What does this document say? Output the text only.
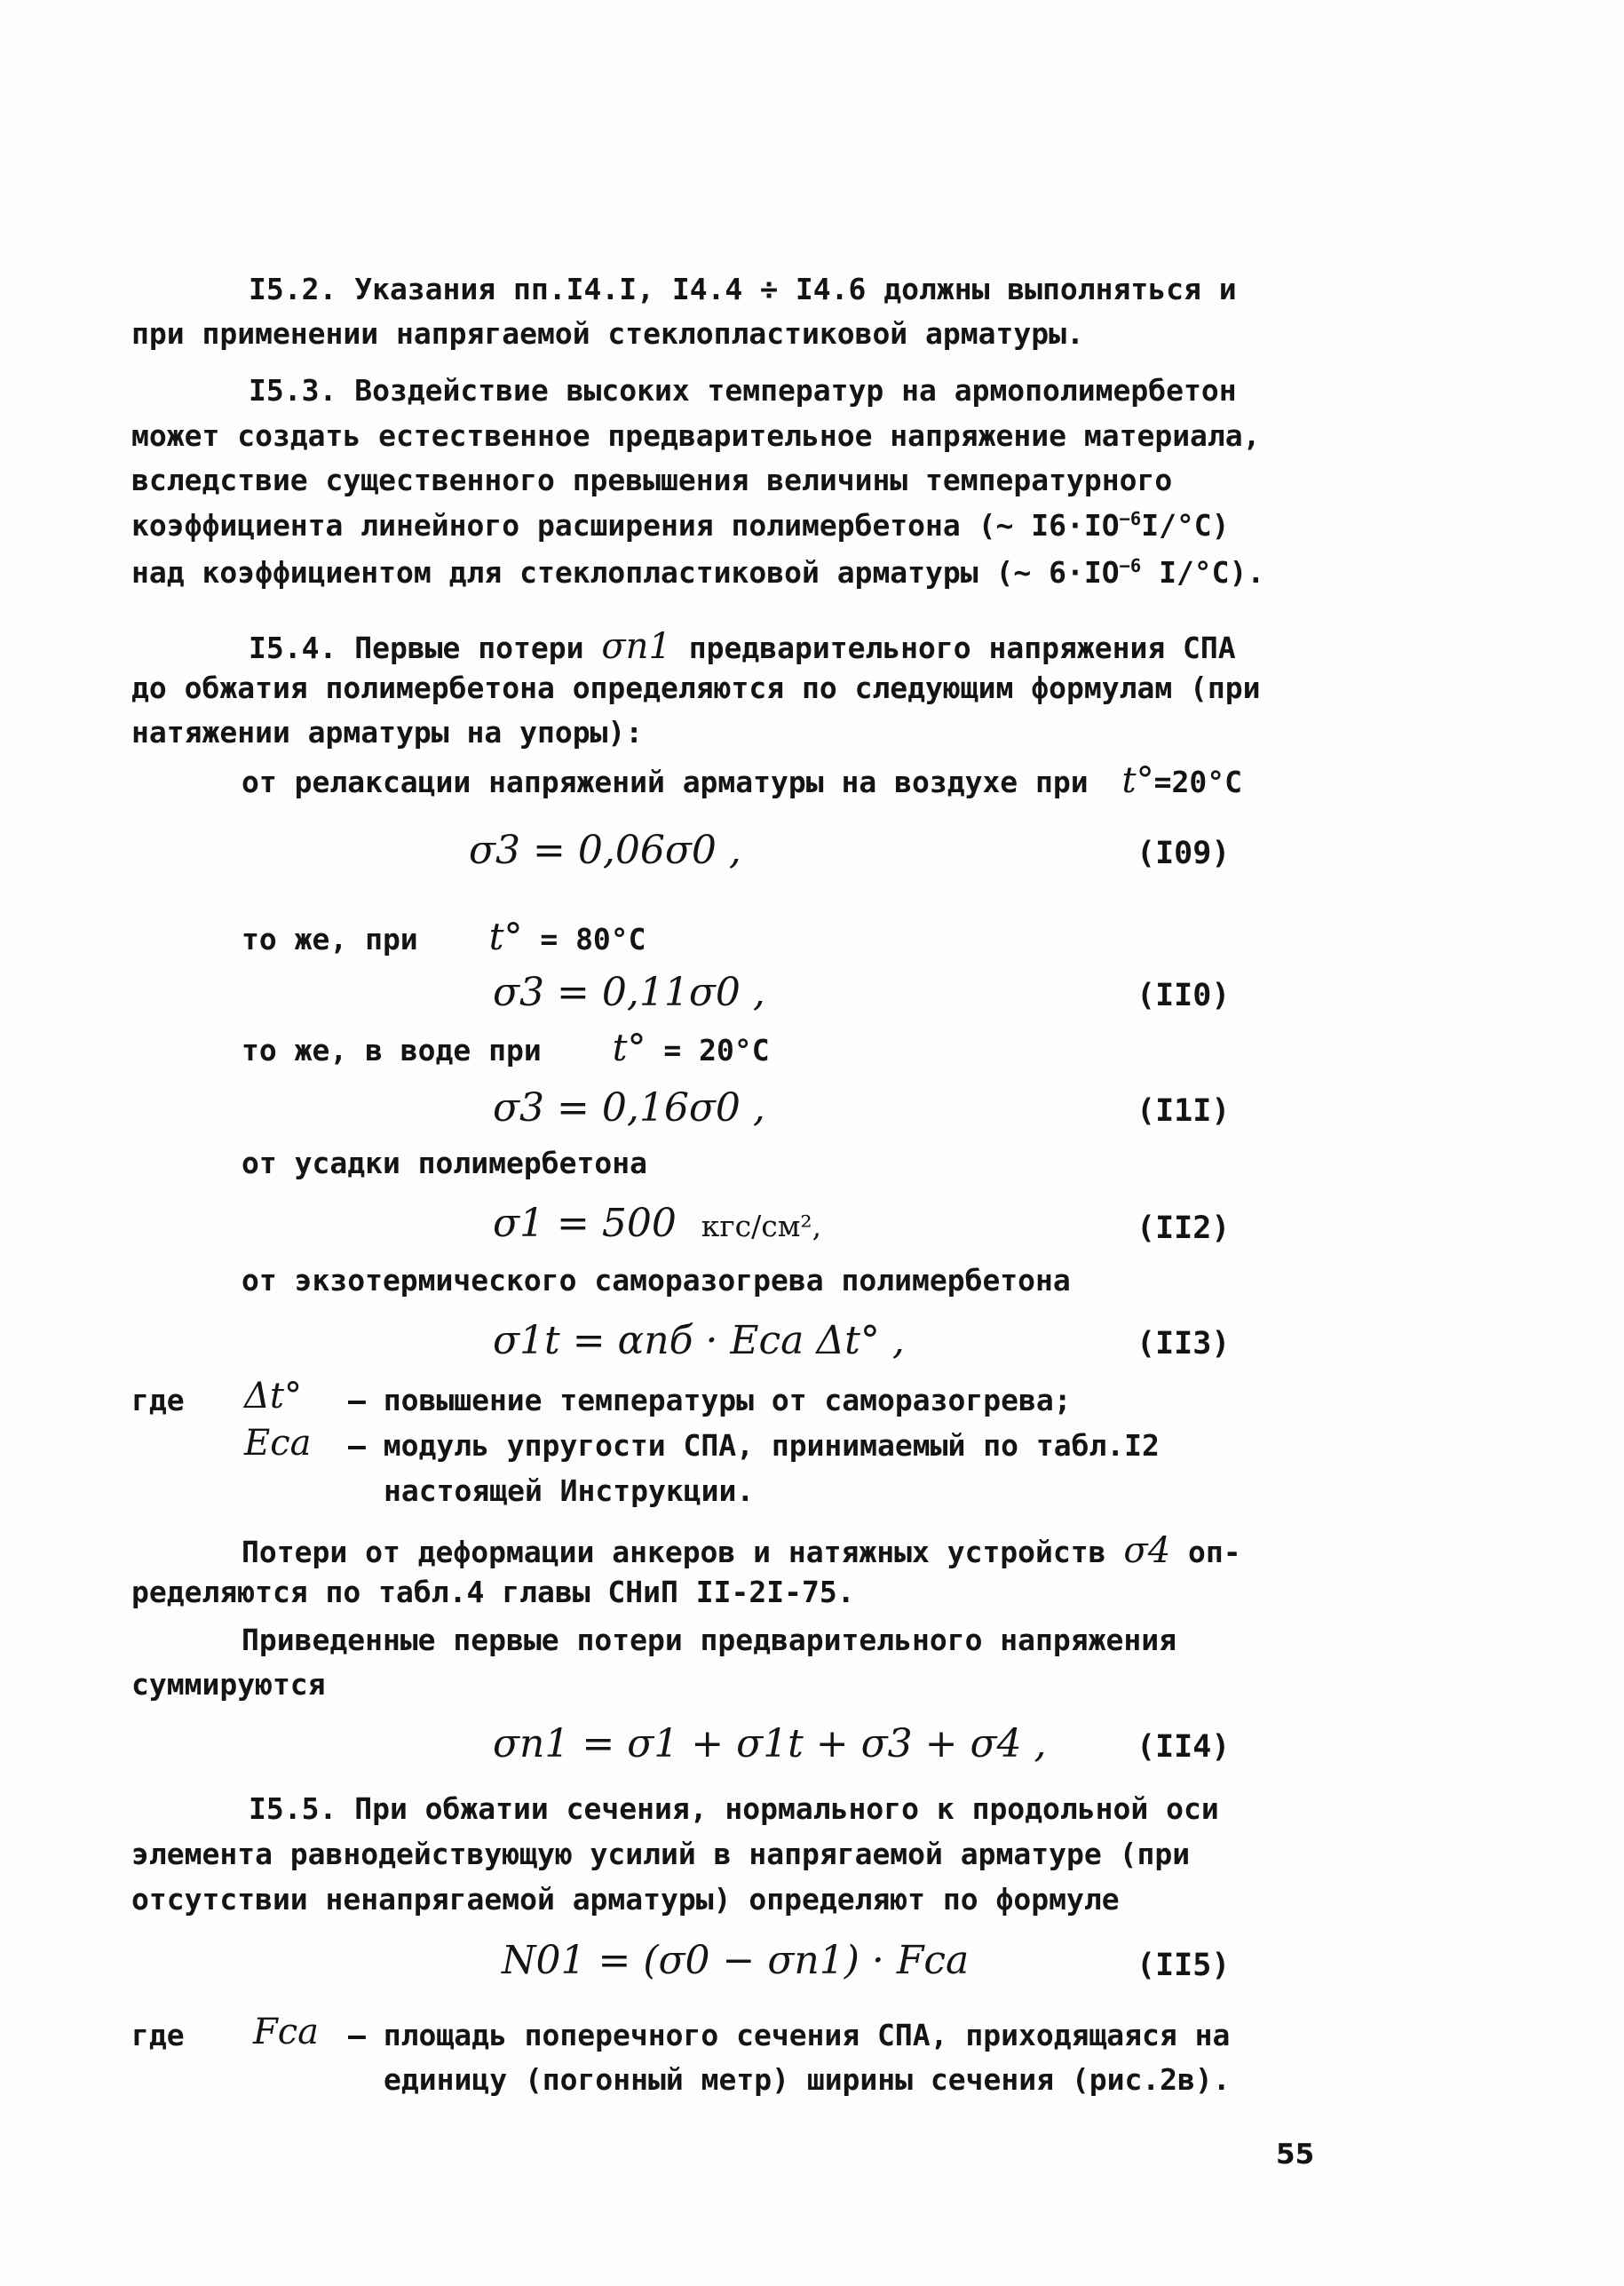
I5.2. Указания пп.I4.I, I4.4 ÷ I4.6 должны выполняться и
при применении напрягаемой стеклопластиковой арматуры.
I5.3. Воздействие высоких температур на армополимербетон
может создать естественное предварительное напряжение материала,
вследствие существенного превышения величины температурного
коэффициента линейного расширения полимербетона (~ $I6\cdot IO^{-6}I/^\circ C$)
над коэффициентом для стеклопластиковой арматуры (~ $6\cdot IO^{-6}$ I/°C).
I5.4. Первые потери σп1 предварительного напряжения СПА
до обжатия полимербетона определяются по следующим формулам (при
натяжении арматуры на упоры):
от релаксации напряжений арматуры на воздухе при t°=20°C
σ3 = 0,06σ0 ,	(I09)
то же, при t° = 80°C
σ3 = 0,11σ0 ,	(II0)
то же, в воде при t° = 20°C
σ3 = 0,16σ0 ,	(I1I)
от усадки полимербетона
σ1 = 500 кгс/см²,	(II2)
от экзотермического саморазогрева полимербетона
σ1t = αпб · Eса Δt° ,	(II3)
где Δt° – повышение температуры от саморазогрева;
Eса – модуль упругости СПА, принимаемый по табл.I2
настоящей Инструкции.
Потери от деформации анкеров и натяжных устройств σ4 оп-
ределяются по табл.4 главы СНиП II-2I-75.
Приведенные первые потери предварительного напряжения
суммируются
σп1 = σ1 + σ1t + σ3 + σ4 ,	(II4)
I5.5. При обжатии сечения, нормального к продольной оси
элемента равнодействующую усилий в напрягаемой арматуре (при
отсутствии ненапрягаемой арматуры) определяют по формуле
N01 = (σ0 − σп1) · Fса	(II5)
где Fса – площадь поперечного сечения СПА, приходящаяся на
единицу (погонный метр) ширины сечения (рис.2в).
55
